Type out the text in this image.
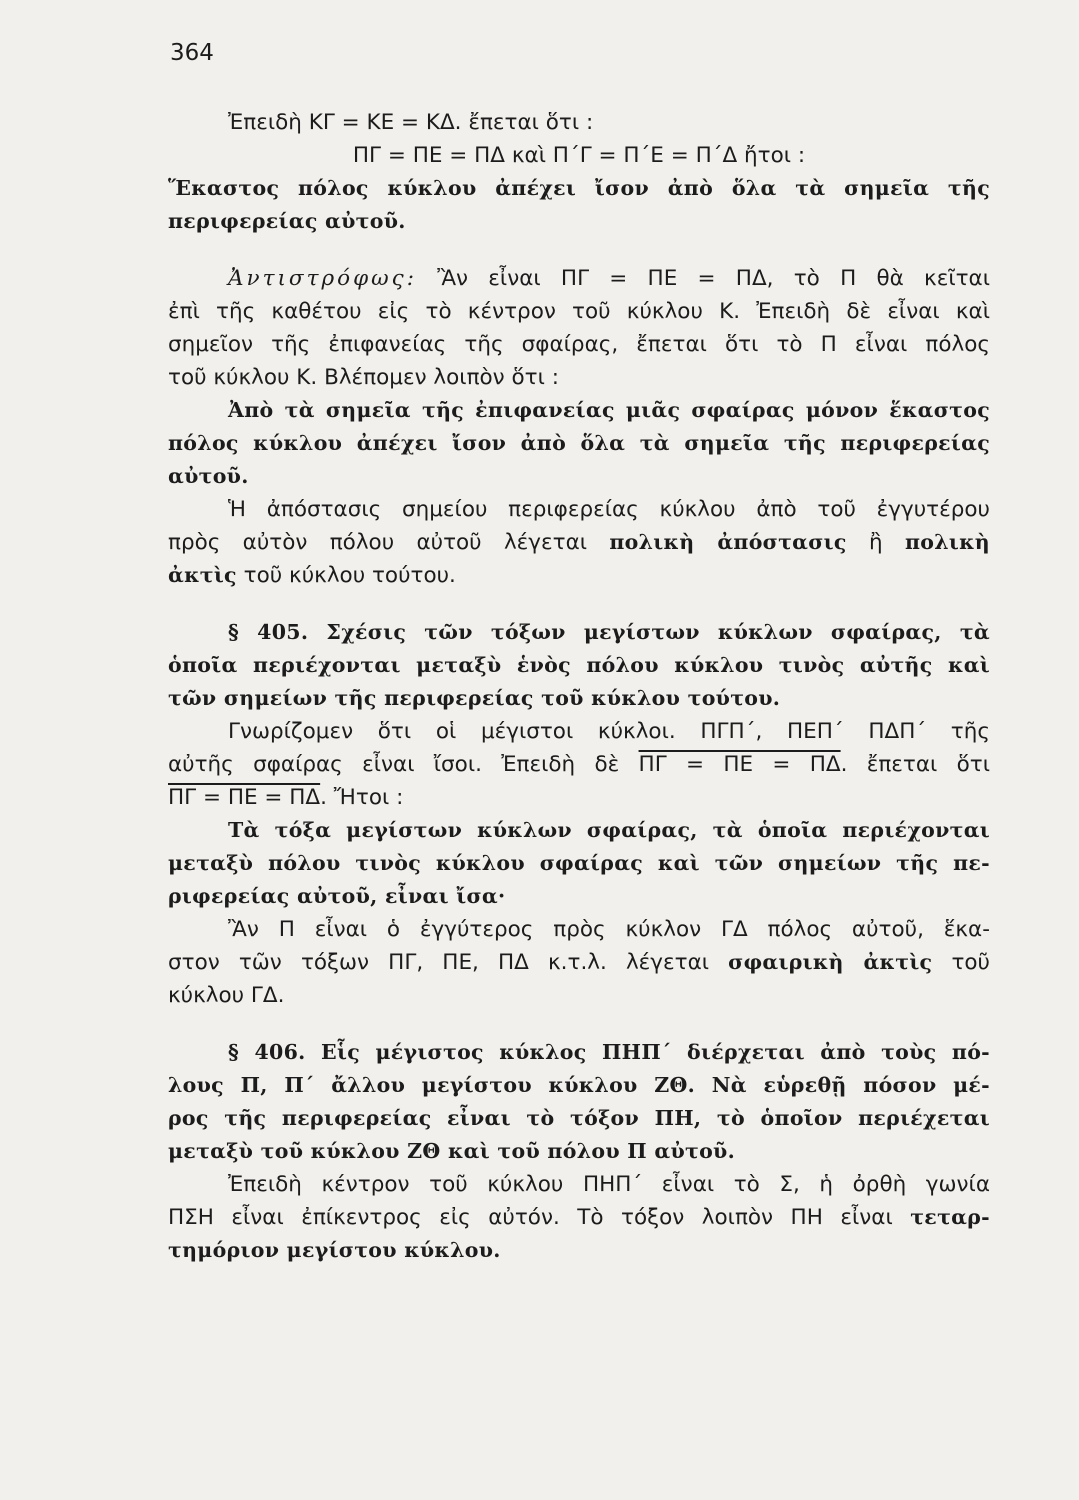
364
Ἐπειδὴ ΚΓ = ΚΕ = ΚΔ. ἔπεται ὅτι :
ΠΓ = ΠΕ = ΠΔ καὶ Π΄Γ = Π΄Ε = Π΄Δ ἤτοι :
Ἕκαστος πόλος κύκλου ἀπέχει ἴσον ἀπὸ ὅλα τὰ σημεῖα τῆς
περιφερείας αὐτοῦ.
Ἀντιστρόφως: Ἂν εἶναι ΠΓ = ΠΕ = ΠΔ, τὸ Π θὰ κεῖται
ἐπὶ τῆς καθέτου εἰς τὸ κέντρον τοῦ κύκλου Κ. Ἐπειδὴ δὲ εἶναι καὶ
σημεῖον τῆς ἐπιφανείας τῆς σφαίρας, ἔπεται ὅτι τὸ Π εἶναι πόλος
τοῦ κύκλου Κ. Βλέπομεν λοιπὸν ὅτι :
Ἀπὸ τὰ σημεῖα τῆς ἐπιφανείας μιᾶς σφαίρας μόνον ἕκαστος
πόλος κύκλου ἀπέχει ἴσον ἀπὸ ὅλα τὰ σημεῖα τῆς περιφερείας
αὐτοῦ.
Ἡ ἀπόστασις σημείου περιφερείας κύκλου ἀπὸ τοῦ ἐγγυτέρου
πρὸς αὐτὸν πόλου αὐτοῦ λέγεται πολικὴ ἀπόστασις ἢ πολικὴ
ἀκτὶς τοῦ κύκλου τούτου.
§ 405. Σχέσις τῶν τόξων μεγίστων κύκλων σφαίρας, τὰ
ὁποῖα περιέχονται μεταξὺ ἑνὸς πόλου κύκλου τινὸς αὐτῆς καὶ
τῶν σημείων τῆς περιφερείας τοῦ κύκλου τούτου.
Γνωρίζομεν ὅτι οἱ μέγιστοι κύκλοι. ΠΓΠ΄, ΠΕΠ΄ ΠΔΠ΄ τῆς
αὐτῆς σφαίρας εἶναι ἴσοι. Ἐπειδὴ δὲ ΠΓ = ΠΕ = ΠΔ. ἔπεται ὅτι
ΠΓ = ΠΕ = ΠΔ. Ἤτοι :
Τὰ τόξα μεγίστων κύκλων σφαίρας, τὰ ὁποῖα περιέχονται
μεταξὺ πόλου τινὸς κύκλου σφαίρας καὶ τῶν σημείων τῆς πε-
ριφερείας αὐτοῦ, εἶναι ἴσα·
Ἂν Π εἶναι ὁ ἐγγύτερος πρὸς κύκλον ΓΔ πόλος αὐτοῦ, ἕκα-
στον τῶν τόξων ΠΓ, ΠΕ, ΠΔ κ.τ.λ. λέγεται σφαιρικὴ ἀκτὶς τοῦ
κύκλου ΓΔ.
§ 406. Εἷς μέγιστος κύκλος ΠΗΠ΄ διέρχεται ἀπὸ τοὺς πό-
λους Π, Π΄ ἄλλου μεγίστου κύκλου ΖΘ. Νὰ εὑρεθῇ πόσον μέ-
ρος τῆς περιφερείας εἶναι τὸ τόξον ΠΗ, τὸ ὁποῖον περιέχεται
μεταξὺ τοῦ κύκλου ΖΘ καὶ τοῦ πόλου Π αὐτοῦ.
Ἐπειδὴ κέντρον τοῦ κύκλου ΠΗΠ΄ εἶναι τὸ Σ, ἡ ὀρθὴ γωνία
ΠΣΗ εἶναι ἐπίκεντρος εἰς αὐτόν. Τὸ τόξον λοιπὸν ΠΗ εἶναι τεταρ-
τημόριον μεγίστου κύκλου.
